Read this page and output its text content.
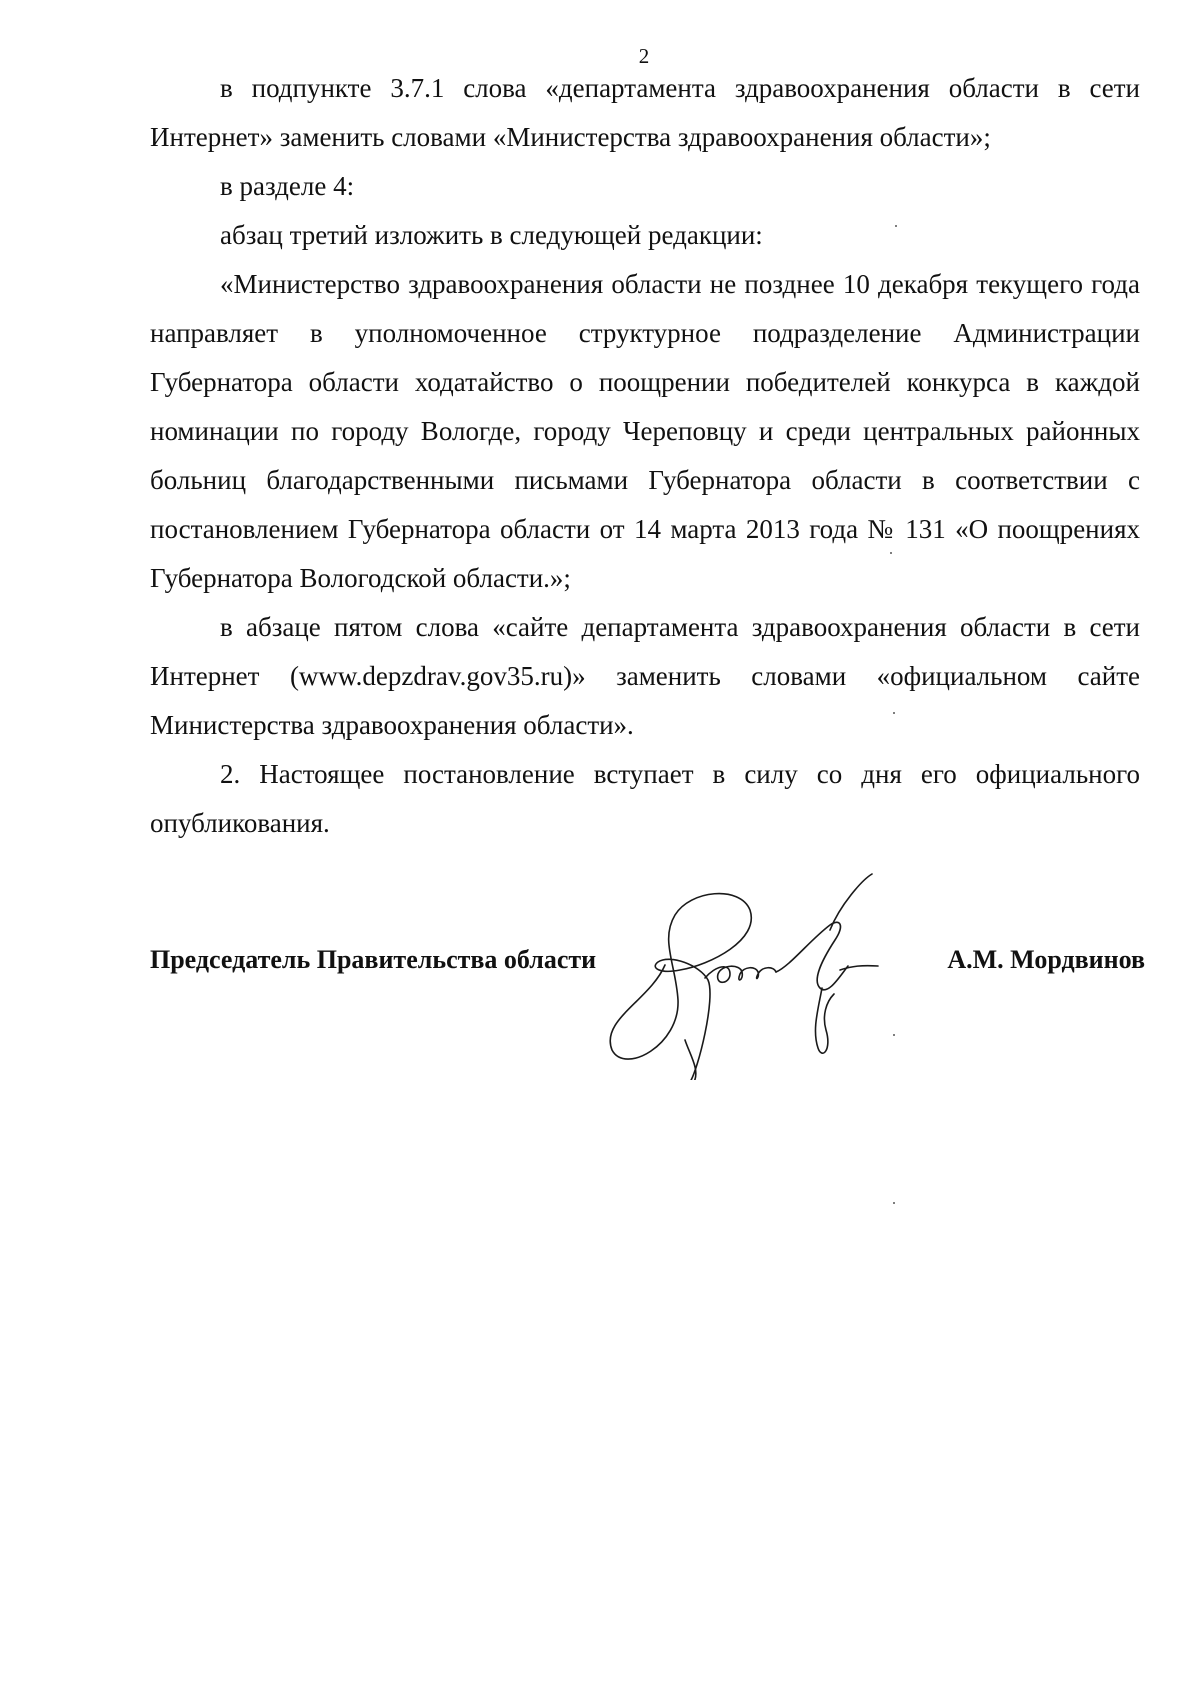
2

в подпункте 3.7.1 слова «департамента здравоохранения области в сети Интернет» заменить словами «Министерства здравоохранения области»;

в разделе 4:

абзац третий изложить в следующей редакции:

«Министерство здравоохранения области не позднее 10 декабря текущего года направляет в уполномоченное структурное подразделение Администрации Губернатора области ходатайство о поощрении победителей конкурса в каждой номинации по городу Вологде, городу Череповцу и среди центральных районных больниц благодарственными письмами Губернатора области в соответствии с постановлением Губернатора области от 14 марта 2013 года № 131 «О поощрениях Губернатора Вологодской области.»;

в абзаце пятом слова «сайте департамента здравоохранения области в сети Интернет (www.depzdrav.gov35.ru)» заменить словами «официальном сайте Министерства здравоохранения области».

2. Настоящее постановление вступает в силу со дня его официального опубликования.

Председатель Правительства области	А.М. Мордвинов
